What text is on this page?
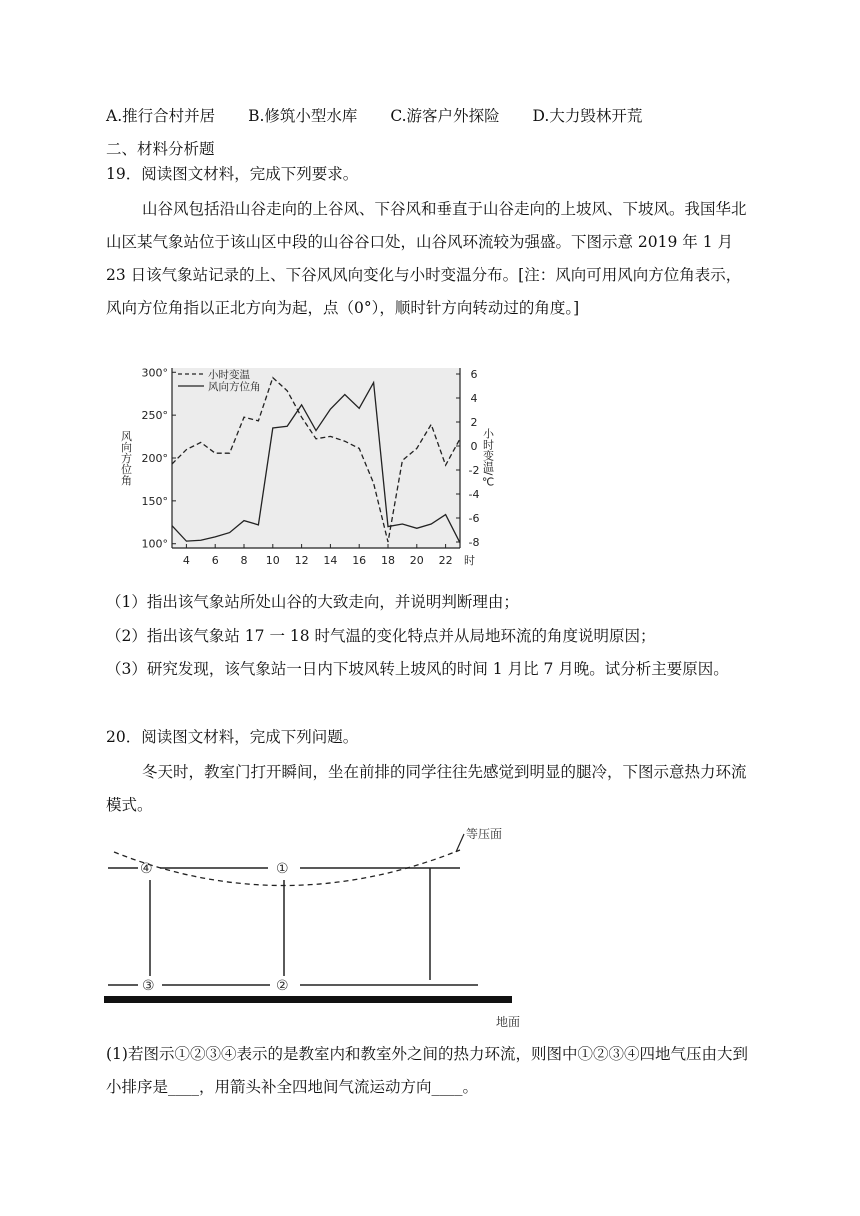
A.推行合村并居 B.修筑小型水库 C.游客户外探险 D.大力毁林开荒
二、材料分析题
19．阅读图文材料，完成下列要求。
山谷风包括沿山谷走向的上谷风、下谷风和垂直于山谷走向的上坡风、下坡风。我国华北山区某气象站位于该山区中段的山谷谷口处，山谷风环流较为强盛。下图示意 2019 年 1 月 23 日该气象站记录的上、下谷风风向变化与小时变温分布。[注：风向可用风向方位角表示，风向方位角指以正北方向为起，点（0°），顺时针方向转动过的角度。]
100°
150°
200°
250°
300°
-8
-6
-4
-2
0
2
4
6
4 6 8 10 12 14 16 18 20 22 时
风向方位角	小时变温/℃
小时变温
风向方位角
（1）指出该气象站所处山谷的大致走向，并说明判断理由；
（2）指出该气象站 17 一 18 时气温的变化特点并从局地环流的角度说明原因；
（3）研究发现，该气象站一日内下坡风转上坡风的时间 1 月比 7 月晚。试分析主要原因。
20．阅读图文材料，完成下列问题。
冬天时，教室门打开瞬间，坐在前排的同学往往先感觉到明显的腿冷，下图示意热力环流模式。
等压面
④	①
③	②
地面
(1)若图示①②③④表示的是教室内和教室外之间的热力环流，则图中①②③④四地气压由大到小排序是____，用箭头补全四地间气流运动方向____。
